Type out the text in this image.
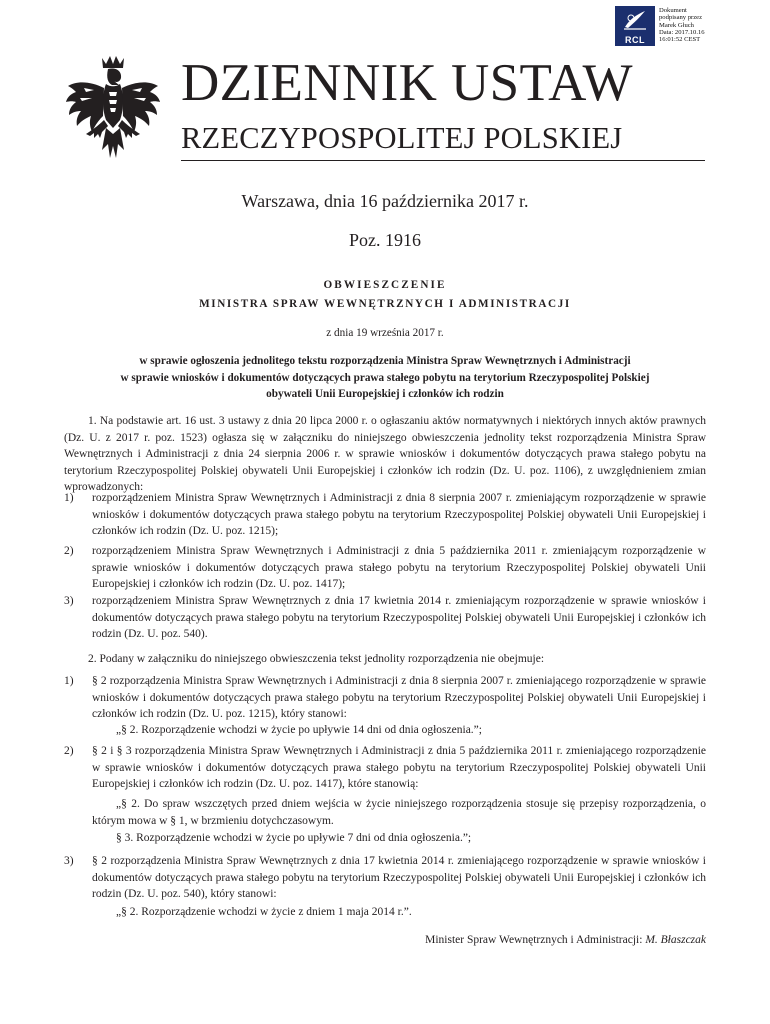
RCL
Dokument
podpisany przez
Marek Głuch
Data: 2017.10.16
16:01:52 CEST
DZIENNIK USTAW
RZECZYPOSPOLITEJ POLSKIEJ
Warszawa, dnia 16 października 2017 r.
Poz. 1916
OBWIESZCZENIE
MINISTRA SPRAW WEWNĘTRZNYCH I ADMINISTRACJI
z dnia 19 września 2017 r.
w sprawie ogłoszenia jednolitego tekstu rozporządzenia Ministra Spraw Wewnętrznych i Administracji
w sprawie wniosków i dokumentów dotyczących prawa stałego pobytu na terytorium Rzeczypospolitej Polskiej
obywateli Unii Europejskiej i członków ich rodzin
1. Na podstawie art. 16 ust. 3 ustawy z dnia 20 lipca 2000 r. o ogłaszaniu aktów normatywnych i niektórych innych aktów prawnych (Dz. U. z 2017 r. poz. 1523) ogłasza się w załączniku do niniejszego obwieszczenia jednolity tekst rozporządzenia Ministra Spraw Wewnętrznych i Administracji z dnia 24 sierpnia 2006 r. w sprawie wniosków i dokumentów dotyczących prawa stałego pobytu na terytorium Rzeczypospolitej Polskiej obywateli Unii Europejskiej i członków ich rodzin (Dz. U. poz. 1106), z uwzględnieniem zmian wprowadzonych:
1) rozporządzeniem Ministra Spraw Wewnętrznych i Administracji z dnia 8 sierpnia 2007 r. zmieniającym rozporządzenie w sprawie wniosków i dokumentów dotyczących prawa stałego pobytu na terytorium Rzeczypospolitej Polskiej obywateli Unii Europejskiej i członków ich rodzin (Dz. U. poz. 1215);
2) rozporządzeniem Ministra Spraw Wewnętrznych i Administracji z dnia 5 października 2011 r. zmieniającym rozporządzenie w sprawie wniosków i dokumentów dotyczących prawa stałego pobytu na terytorium Rzeczypospolitej Polskiej obywateli Unii Europejskiej i członków ich rodzin (Dz. U. poz. 1417);
3) rozporządzeniem Ministra Spraw Wewnętrznych z dnia 17 kwietnia 2014 r. zmieniającym rozporządzenie w sprawie wniosków i dokumentów dotyczących prawa stałego pobytu na terytorium Rzeczypospolitej Polskiej obywateli Unii Europejskiej i członków ich rodzin (Dz. U. poz. 540).
2. Podany w załączniku do niniejszego obwieszczenia tekst jednolity rozporządzenia nie obejmuje:
1) § 2 rozporządzenia Ministra Spraw Wewnętrznych i Administracji z dnia 8 sierpnia 2007 r. zmieniającego rozporządzenie w sprawie wniosków i dokumentów dotyczących prawa stałego pobytu na terytorium Rzeczypospolitej Polskiej obywateli Unii Europejskiej i członków ich rodzin (Dz. U. poz. 1215), który stanowi:
„§ 2. Rozporządzenie wchodzi w życie po upływie 14 dni od dnia ogłoszenia.”;
2) § 2 i § 3 rozporządzenia Ministra Spraw Wewnętrznych i Administracji z dnia 5 października 2011 r. zmieniającego rozporządzenie w sprawie wniosków i dokumentów dotyczących prawa stałego pobytu na terytorium Rzeczypospolitej Polskiej obywateli Unii Europejskiej i członków ich rodzin (Dz. U. poz. 1417), które stanowią:
„§ 2. Do spraw wszczętych przed dniem wejścia w życie niniejszego rozporządzenia stosuje się przepisy rozporządzenia, o którym mowa w § 1, w brzmieniu dotychczasowym.
§ 3. Rozporządzenie wchodzi w życie po upływie 7 dni od dnia ogłoszenia.”;
3) § 2 rozporządzenia Ministra Spraw Wewnętrznych z dnia 17 kwietnia 2014 r. zmieniającego rozporządzenie w sprawie wniosków i dokumentów dotyczących prawa stałego pobytu na terytorium Rzeczypospolitej Polskiej obywateli Unii Europejskiej i członków ich rodzin (Dz. U. poz. 540), który stanowi:
„§ 2. Rozporządzenie wchodzi w życie z dniem 1 maja 2014 r.”.
Minister Spraw Wewnętrznych i Administracji: M. Błaszczak
